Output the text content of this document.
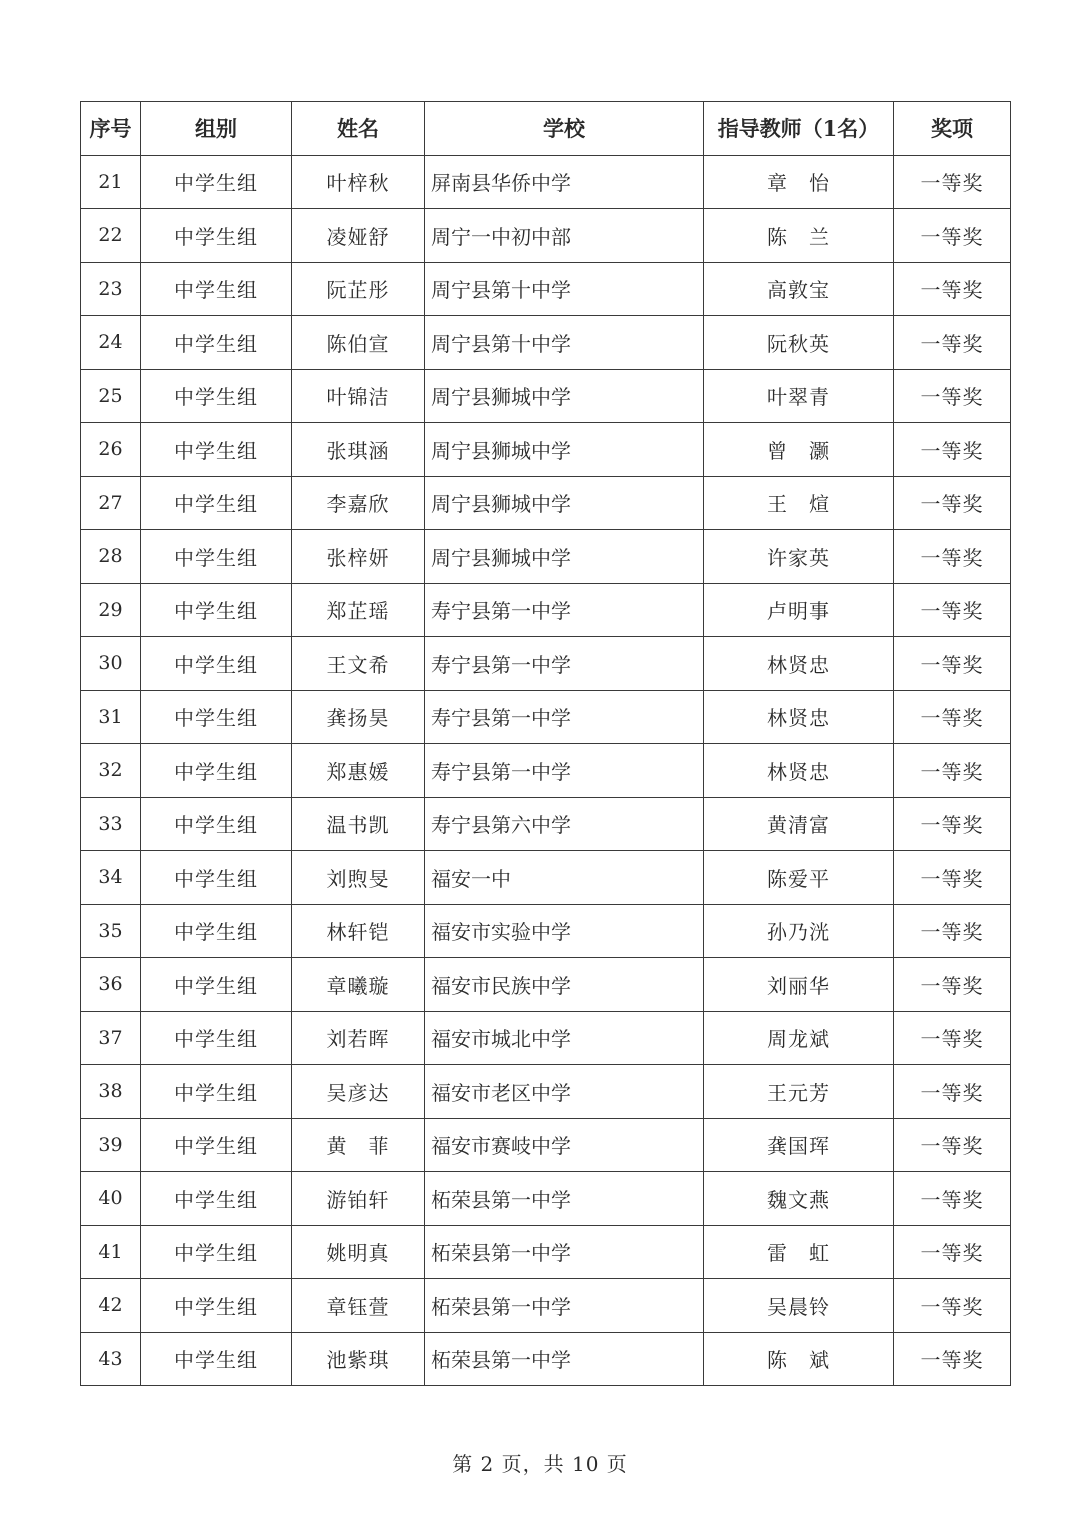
序号	组别	姓名	学校	指导教师（1名）	奖项
21	中学生组	叶梓秋	屏南县华侨中学	章　怡	一等奖
22	中学生组	凌娅舒	周宁一中初中部	陈　兰	一等奖
23	中学生组	阮芷彤	周宁县第十中学	高敦宝	一等奖
24	中学生组	陈伯宣	周宁县第十中学	阮秋英	一等奖
25	中学生组	叶锦洁	周宁县狮城中学	叶翠青	一等奖
26	中学生组	张琪涵	周宁县狮城中学	曾　灏	一等奖
27	中学生组	李嘉欣	周宁县狮城中学	王　煊	一等奖
28	中学生组	张梓妍	周宁县狮城中学	许家英	一等奖
29	中学生组	郑芷瑶	寿宁县第一中学	卢明事	一等奖
30	中学生组	王文希	寿宁县第一中学	林贤忠	一等奖
31	中学生组	龚扬昊	寿宁县第一中学	林贤忠	一等奖
32	中学生组	郑惠媛	寿宁县第一中学	林贤忠	一等奖
33	中学生组	温书凯	寿宁县第六中学	黄清富	一等奖
34	中学生组	刘煦旻	福安一中	陈爱平	一等奖
35	中学生组	林轩铠	福安市实验中学	孙乃洸	一等奖
36	中学生组	章曦璇	福安市民族中学	刘丽华	一等奖
37	中学生组	刘若晖	福安市城北中学	周龙斌	一等奖
38	中学生组	吴彦达	福安市老区中学	王元芳	一等奖
39	中学生组	黄　菲	福安市赛岐中学	龚国珲	一等奖
40	中学生组	游铂轩	柘荣县第一中学	魏文燕	一等奖
41	中学生组	姚明真	柘荣县第一中学	雷　虹	一等奖
42	中学生组	章钰萱	柘荣县第一中学	吴晨铃	一等奖
43	中学生组	池紫琪	柘荣县第一中学	陈　斌	一等奖
第 2 页，共 10 页
